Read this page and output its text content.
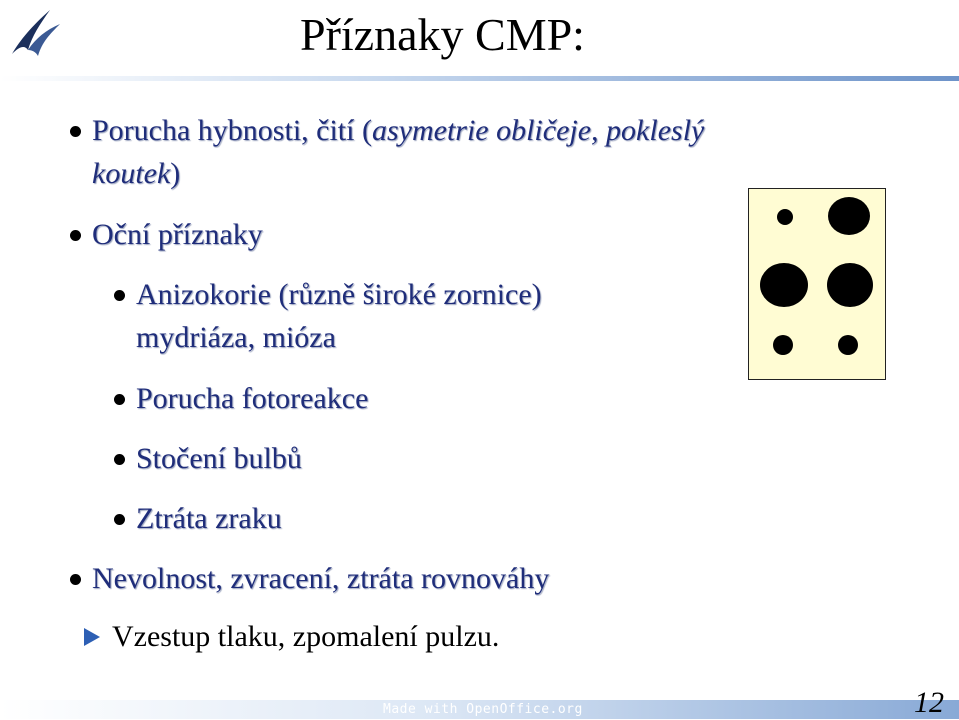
Příznaky CMP:
Porucha hybnosti, čití (asymetrie obličeje, pokleslý
koutek)
Oční příznaky
Anizokorie (různě široké zornice)
mydriáza, mióza
Porucha fotoreakce
Stočení bulbů
Ztráta zraku
Nevolnost, zvracení, ztráta rovnováhy
Vzestup tlaku, zpomalení pulzu.
Made with OpenOffice.org	12
